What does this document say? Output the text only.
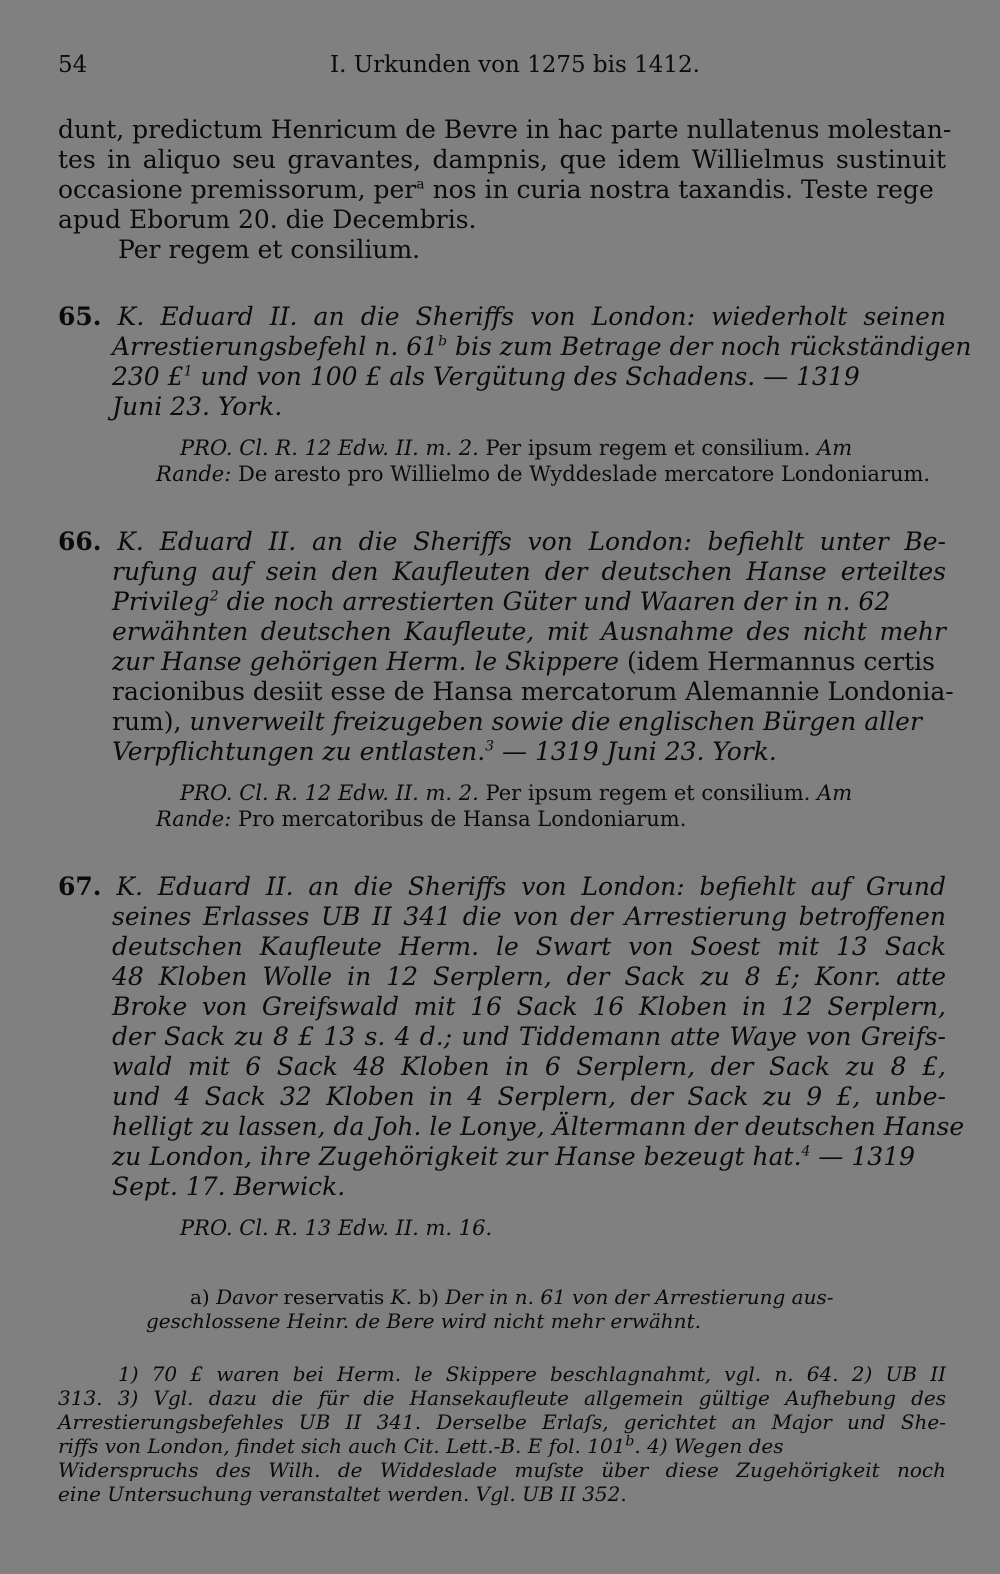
54	I. Urkunden von 1275 bis 1412.
dunt, predictum Henricum de Bevre in hac parte nullatenus molestan-
tes in aliquo seu gravantes, dampnis, que idem Willielmus sustinuit
occasione premissorum, per$^a$ nos in curia nostra taxandis. Teste rege
apud Eborum 20. die Decembris.
Per regem et consilium.
65. K. Eduard II. an die Sheriffs von London: wiederholt seinen
Arrestierungsbefehl n. 61$^b$ bis zum Betrage der noch rückständigen
230 £$^1$ und von 100 £ als Vergütung des Schadens. — 1319
Juni 23. York.
PRO. Cl. R. 12 Edw. II. m. 2. Per ipsum regem et consilium. Am
Rande: De aresto pro Willielmo de Wyddeslade mercatore Londoniarum.
66. K. Eduard II. an die Sheriffs von London: befiehlt unter Be-
rufung auf sein den Kaufleuten der deutschen Hanse erteiltes
Privileg$^2$ die noch arrestierten Güter und Waaren der in n. 62
erwähnten deutschen Kaufleute, mit Ausnahme des nicht mehr
zur Hanse gehörigen Herm. le Skippere (idem Hermannus certis
racionibus desiit esse de Hansa mercatorum Alemannie Londonia-
rum), unverweilt freizugeben sowie die englischen Bürgen aller
Verpflichtungen zu entlasten.$^3$ — 1319 Juni 23. York.
PRO. Cl. R. 12 Edw. II. m. 2. Per ipsum regem et consilium. Am
Rande: Pro mercatoribus de Hansa Londoniarum.
67. K. Eduard II. an die Sheriffs von London: befiehlt auf Grund
seines Erlasses UB II 341 die von der Arrestierung betroffenen
deutschen Kaufleute Herm. le Swart von Soest mit 13 Sack
48 Kloben Wolle in 12 Serplern, der Sack zu 8 £; Konr. atte
Broke von Greifswald mit 16 Sack 16 Kloben in 12 Serplern,
der Sack zu 8 £ 13 s. 4 d.; und Tiddemann atte Waye von Greifs-
wald mit 6 Sack 48 Kloben in 6 Serplern, der Sack zu 8 £,
und 4 Sack 32 Kloben in 4 Serplern, der Sack zu 9 £, unbe-
helligt zu lassen, da Joh. le Lonye, Ältermann der deutschen Hanse
zu London, ihre Zugehörigkeit zur Hanse bezeugt hat.$^4$ — 1319
Sept. 17. Berwick.
PRO. Cl. R. 13 Edw. II. m. 16.
a) Davor reservatis K. b) Der in n. 61 von der Arrestierung aus-
geschlossene Heinr. de Bere wird nicht mehr erwähnt.
1) 70 £ waren bei Herm. le Skippere beschlagnahmt, vgl. n. 64. 2) UB II
313. 3) Vgl. dazu die für die Hansekaufleute allgemein gültige Aufhebung des
Arrestierungsbefehles UB II 341. Derselbe Erlaſs, gerichtet an Major und She-
riffs von London, findet sich auch Cit. Lett.-B. E fol. 101$^b$. 4) Wegen des
Widerspruchs des Wilh. de Widdeslade muſste über diese Zugehörigkeit noch
eine Untersuchung veranstaltet werden. Vgl. UB II 352.
